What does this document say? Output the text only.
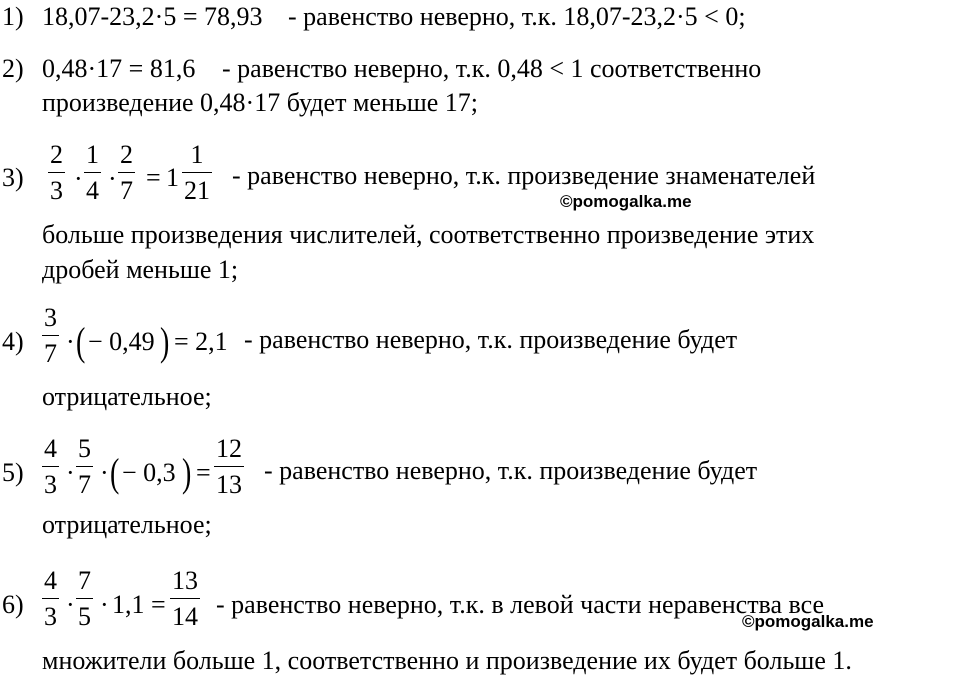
1) 18,07-23,2·5 = 78,93 - равенство неверно, т.к. 18,07-23,2·5 < 0;
2) 0,48·17 = 81,6 - равенство неверно, т.к. 0,48 < 1 соответственно
произведение 0,48·17 будет меньше 17;
3)
2
3 ·
1
4 ·
2
7 = 1
1
21
- равенство неверно, т.к. произведение знаменателей
©pomogalka.me
больше произведения числителей, соответственно произведение этих
дробей меньше 1;
4)
3
7 · ( − 0,49 ) = 2,1 - равенство неверно, т.к. произведение будет
отрицательное;
5)
4
3 ·
5
7 · ( − 0,3 ) =
12
13 - равенство неверно, т.к. произведение будет
отрицательное;
6)
4
3 ·
7
5 · 1,1 =
13
14 - равенство неверно, т.к. в левой части неравенства все
©pomogalka.me
множители больше 1, соответственно и произведение их будет больше 1.
